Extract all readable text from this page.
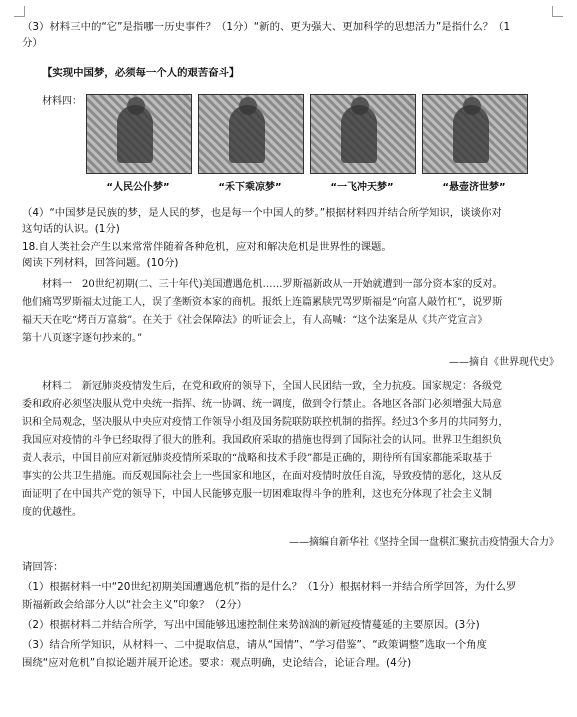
（3）材料三中的“它”是指哪一历史事件？（1分）“新的、更为强大、更加科学的思想活力”是指什么？（1
分）
【实现中国梦，必须每一个人的艰苦奋斗】
材料四：
“人民公仆梦”	“禾下乘凉梦”	“一飞冲天梦”	“悬壶济世梦”
（4）“中国梦是民族的梦，是人民的梦，也是每一个中国人的梦。”根据材料四并结合所学知识，谈谈你对
这句话的认识。(1分)
18.自人类社会产生以来常常伴随着各种危机，应对和解决危机是世界性的课题。
阅读下列材料，回答问题。(10分)
材料一　20世纪初期(二、三十年代)美国遭遇危机……罗斯福新政从一开始就遭到一部分资本家的反对。
他们痛骂罗斯福太过能工人，误了垄断资本家的商机。报纸上连篇累牍咒骂罗斯福是“向富人敲竹杠”，说罗斯
福天天在吃“烤百万富翁”。在关于《社会保障法》的听证会上，有人高喊：“这个法案是从《共产党宣言》
第十八页逐字逐句抄来的。”
——摘自《世界现代史》
材料二　新冠肺炎疫情发生后，在党和政府的领导下，全国人民团结一致，全力抗疫。国家规定：各级党
委和政府必须坚决服从党中央统一指挥、统一协调、统一调度，做到令行禁止。各地区各部门必须增强大局意
识和全局观念，坚决服从中央应对疫情工作领导小组及国务院联防联控机制的指挥。经过3个多月的共同努力，
我国应对疫情的斗争已经取得了很大的胜利。我国政府采取的措施也得到了国际社会的认同。世界卫生组织负
责人表示，中国目前应对新冠肺炎疫情所采取的“战略和技术手段”都是正确的，期待所有国家都能采取基于
事实的公共卫生措施。而反观国际社会上一些国家和地区，在面对疫情时放任自流，导致疫情的恶化，这从反
面证明了在中国共产党的领导下，中国人民能够克服一切困难取得斗争的胜利，这也充分体现了社会主义制
度的优越性。
——摘编自新华社《坚持全国一盘棋汇聚抗击疫情强大合力》
请回答：
（1）根据材料一中“20世纪初期美国遭遇危机”指的是什么？（1分）根据材料一并结合所学回答，为什么罗
斯福新政会给部分人以“社会主义”印象？（2分）
（2）根据材料二并结合所学，写出中国能够迅速控制住来势汹汹的新冠疫情蔓延的主要原因。(3分)
（3）结合所学知识，从材料一、二中提取信息，请从“国情”、“学习借鉴”、“政策调整”选取一个角度
围绕“应对危机”自拟论题并展开论述。要求：观点明确，史论结合，论证合理。(4分)
